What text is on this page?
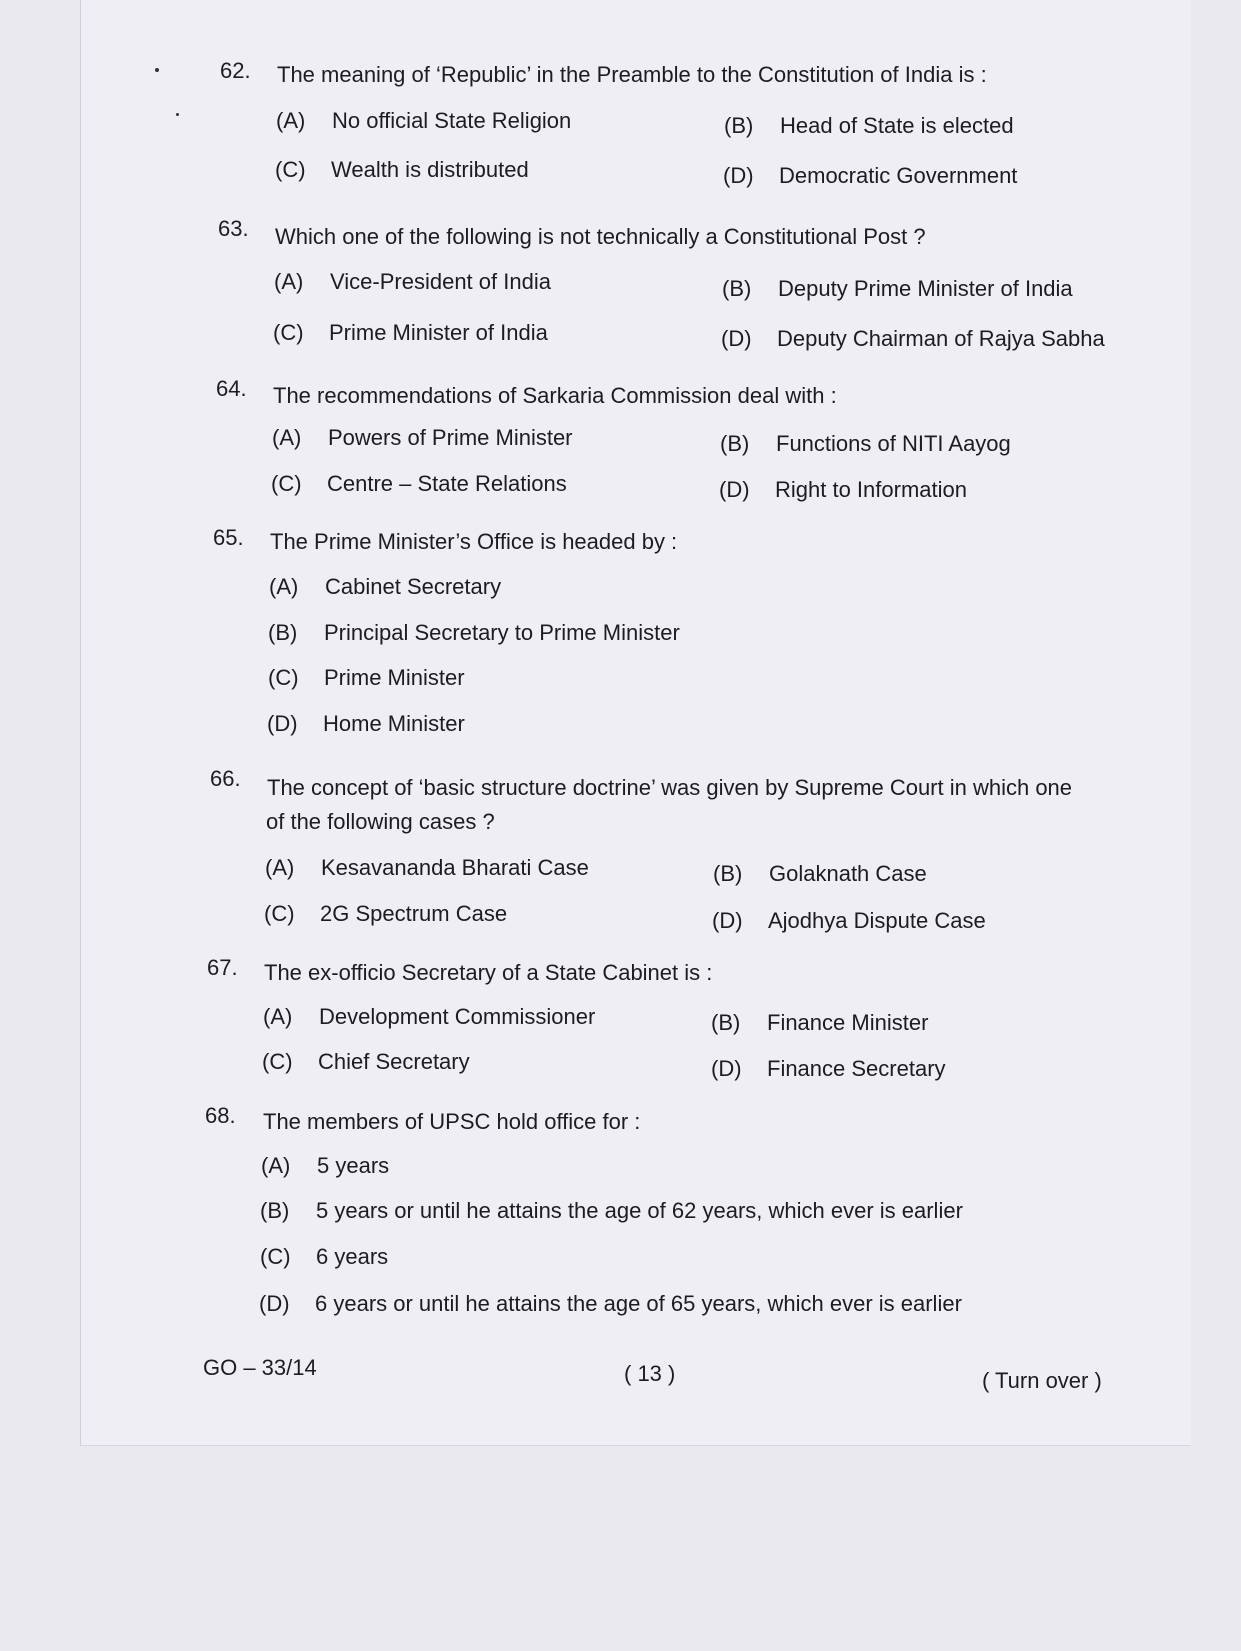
62. The meaning of ‘Republic’ in the Preamble to the Constitution of India is :
(A) No official State Religion	(B) Head of State is elected
(C) Wealth is distributed	(D) Democratic Government
63. Which one of the following is not technically a Constitutional Post ?
(A) Vice-President of India	(B) Deputy Prime Minister of India
(C) Prime Minister of India	(D) Deputy Chairman of Rajya Sabha
64. The recommendations of Sarkaria Commission deal with :
(A) Powers of Prime Minister	(B) Functions of NITI Aayog
(C) Centre – State Relations	(D) Right to Information
65. The Prime Minister’s Office is headed by :
(A) Cabinet Secretary
(B) Principal Secretary to Prime Minister
(C) Prime Minister
(D) Home Minister
66. The concept of ‘basic structure doctrine’ was given by Supreme Court in which one
of the following cases ?
(A) Kesavananda Bharati Case	(B) Golaknath Case
(C) 2G Spectrum Case	(D) Ajodhya Dispute Case
67. The ex-officio Secretary of a State Cabinet is :
(A) Development Commissioner	(B) Finance Minister
(C) Chief Secretary	(D) Finance Secretary
68. The members of UPSC hold office for :
(A) 5 years
(B) 5 years or until he attains the age of 62 years, which ever is earlier
(C) 6 years
(D) 6 years or until he attains the age of 65 years, which ever is earlier
GO – 33/14	( 13 )	( Turn over )
